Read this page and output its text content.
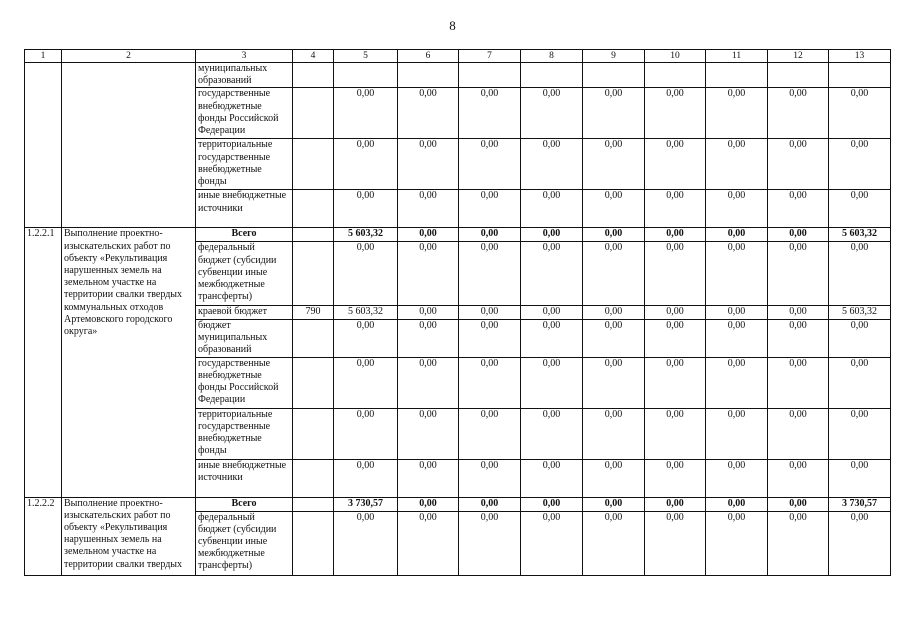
8
1	2	3	4	5	6	7	8	9	10	11	12	13
		муниципальных образований										
		государственные внебюджетные фонды Российской Федерации		0,00	0,00	0,00	0,00	0,00	0,00	0,00	0,00	0,00
		территориальные государственные внебюджетные фонды		0,00	0,00	0,00	0,00	0,00	0,00	0,00	0,00	0,00
		иные внебюджетные источники		0,00	0,00	0,00	0,00	0,00	0,00	0,00	0,00	0,00
1.2.2.1	Выполнение проектно-изыскательских работ по объекту «Рекультивация нарушенных земель на земельном участке на территории свалки твердых коммунальных отходов Артемовского городского округа»	Всего		5 603,32	0,00	0,00	0,00	0,00	0,00	0,00	0,00	5 603,32
		федеральный бюджет (субсидии субвенции иные межбюджетные трансферты)		0,00	0,00	0,00	0,00	0,00	0,00	0,00	0,00	0,00
		краевой бюджет	790	5 603,32	0,00	0,00	0,00	0,00	0,00	0,00	0,00	5 603,32
		бюджет муниципальных образований		0,00	0,00	0,00	0,00	0,00	0,00	0,00	0,00	0,00
		государственные внебюджетные фонды Российской Федерации		0,00	0,00	0,00	0,00	0,00	0,00	0,00	0,00	0,00
		территориальные государственные внебюджетные фонды		0,00	0,00	0,00	0,00	0,00	0,00	0,00	0,00	0,00
		иные внебюджетные источники		0,00	0,00	0,00	0,00	0,00	0,00	0,00	0,00	0,00
1.2.2.2	Выполнение проектно-изыскательских работ по объекту «Рекультивация нарушенных земель на земельном участке на территории свалки твердых	Всего		3 730,57	0,00	0,00	0,00	0,00	0,00	0,00	0,00	3 730,57
		федеральный бюджет (субсидии субвенции иные межбюджетные трансферты)		0,00	0,00	0,00	0,00	0,00	0,00	0,00	0,00	0,00
